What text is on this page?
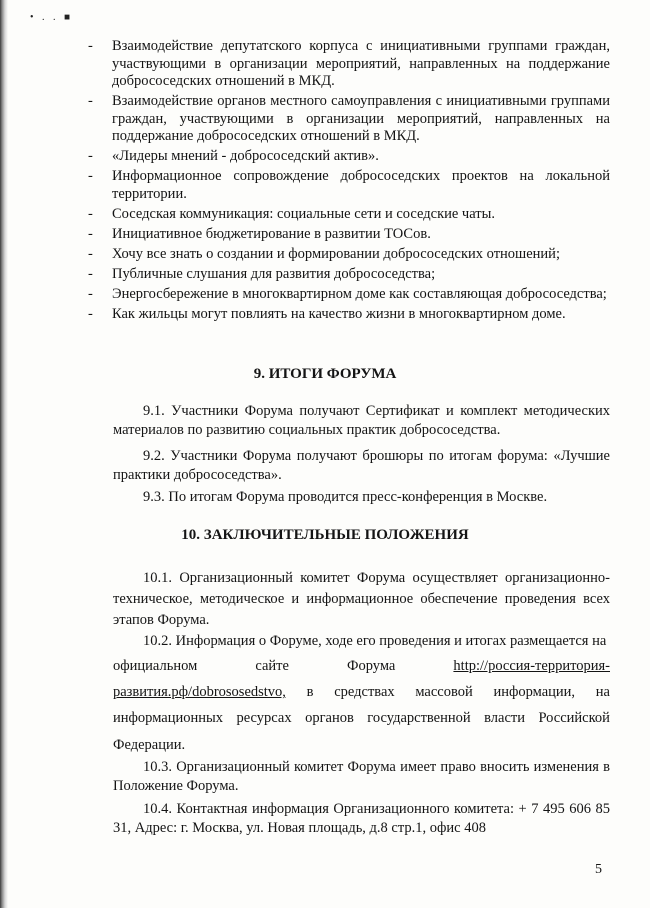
• . . ■
- Взаимодействие депутатского корпуса с инициативными группами граждан, участвующими в организации мероприятий, направленных на поддержание добрососедских отношений в МКД.
- Взаимодействие органов местного самоуправления с инициативными группами граждан, участвующими в организации мероприятий, направленных на поддержание добрососедских отношений в МКД.
- «Лидеры мнений - добрососедский актив».
- Информационное сопровождение добрососедских проектов на локальной территории.
- Соседская коммуникация: социальные сети и соседские чаты.
- Инициативное бюджетирование в развитии ТОСов.
- Хочу все знать о создании и формировании добрососедских отношений;
- Публичные слушания для развития добрососедства;
- Энергосбережение в многоквартирном доме как составляющая добрососедства;
- Как жильцы могут повлиять на качество жизни в многоквартирном доме.
9. ИТОГИ ФОРУМА

9.1. Участники Форума получают Сертификат и комплект методических материалов по развитию социальных практик добрососедства.

9.2. Участники Форума получают брошюры по итогам форума: «Лучшие практики добрососедства».

9.3. По итогам Форума проводится пресс-конференция в Москве.

10. ЗАКЛЮЧИТЕЛЬНЫЕ ПОЛОЖЕНИЯ

10.1. Организационный комитет Форума осуществляет организационно-техническое, методическое и информационное обеспечение проведения всех этапов Форума.

10.2. Информация о Форуме, ходе его проведения и итогах размещается на

официальном	сайте	Форума	http://россия-территория-
развития.рф/dobrososedstvo, в средствах массовой информации, на
информационных ресурсах органов государственной власти Российской

Федерации.

10.3. Организационный комитет Форума имеет право вносить изменения в Положение Форума.

10.4. Контактная информация Организационного комитета: + 7 495 606 85 31, Адрес: г. Москва, ул. Новая площадь, д.8 стр.1, офис 408

5
